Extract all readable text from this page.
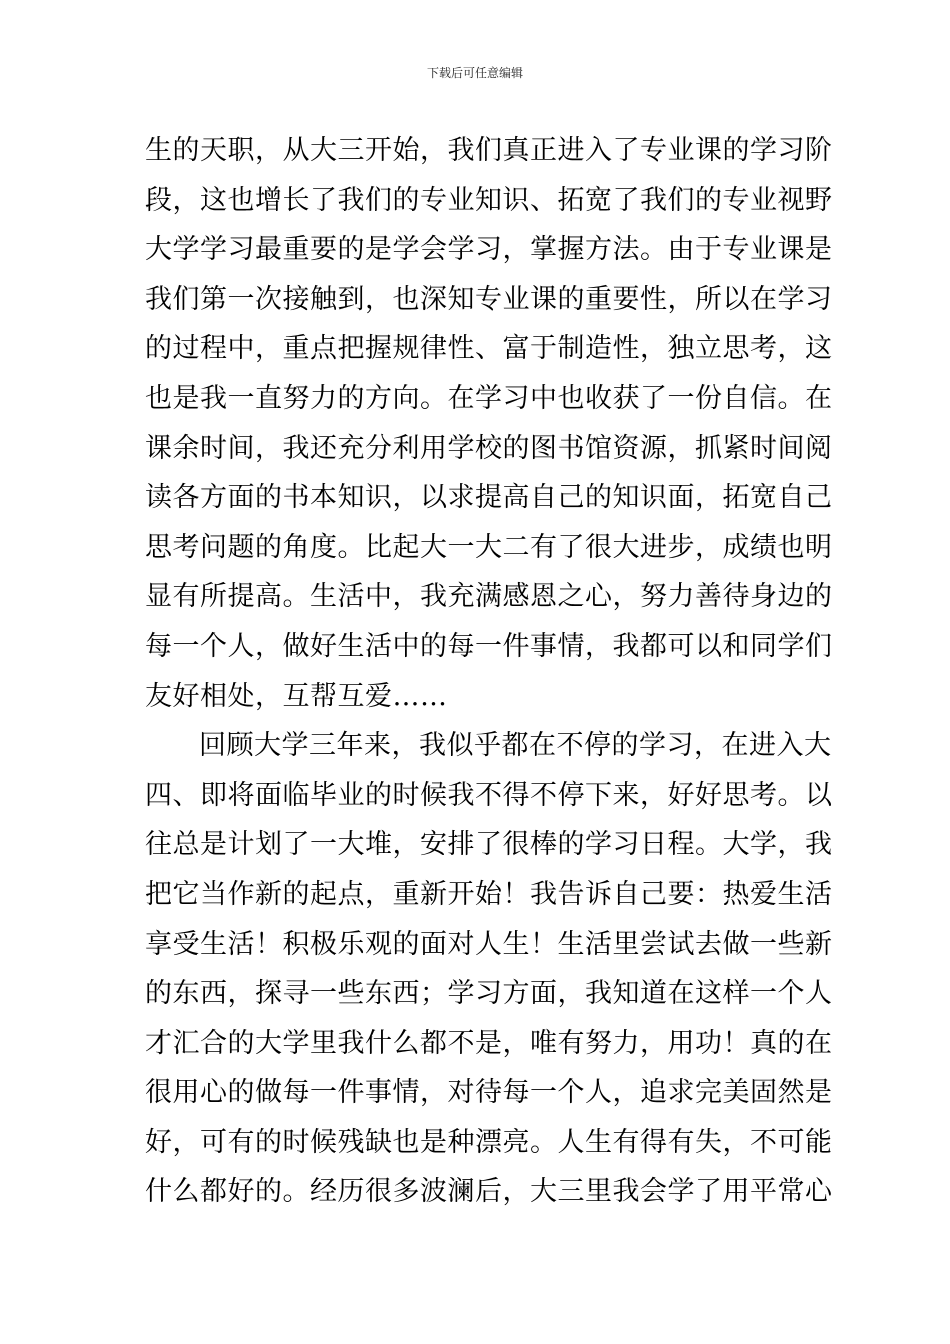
下载后可任意编辑
生的天职，从大三开始，我们真正进入了专业课的学习阶
段，这也增长了我们的专业知识、拓宽了我们的专业视野
大学学习最重要的是学会学习，掌握方法。由于专业课是
我们第一次接触到，也深知专业课的重要性，所以在学习
的过程中，重点把握规律性、富于制造性，独立思考，这
也是我一直努力的方向。在学习中也收获了一份自信。在
课余时间，我还充分利用学校的图书馆资源，抓紧时间阅
读各方面的书本知识，以求提高自己的知识面，拓宽自己
思考问题的角度。比起大一大二有了很大进步，成绩也明
显有所提高。生活中，我充满感恩之心，努力善待身边的
每一个人，做好生活中的每一件事情，我都可以和同学们
友好相处，互帮互爱……
回顾大学三年来，我似乎都在不停的学习，在进入大
四、即将面临毕业的时候我不得不停下来，好好思考。以
往总是计划了一大堆，安排了很棒的学习日程。大学，我
把它当作新的起点，重新开始！我告诉自己要：热爱生活
享受生活！积极乐观的面对人生！生活里尝试去做一些新
的东西，探寻一些东西；学习方面，我知道在这样一个人
才汇合的大学里我什么都不是，唯有努力，用功！真的在
很用心的做每一件事情，对待每一个人，追求完美固然是
好，可有的时候残缺也是种漂亮。人生有得有失，不可能
什么都好的。经历很多波澜后，大三里我会学了用平常心
